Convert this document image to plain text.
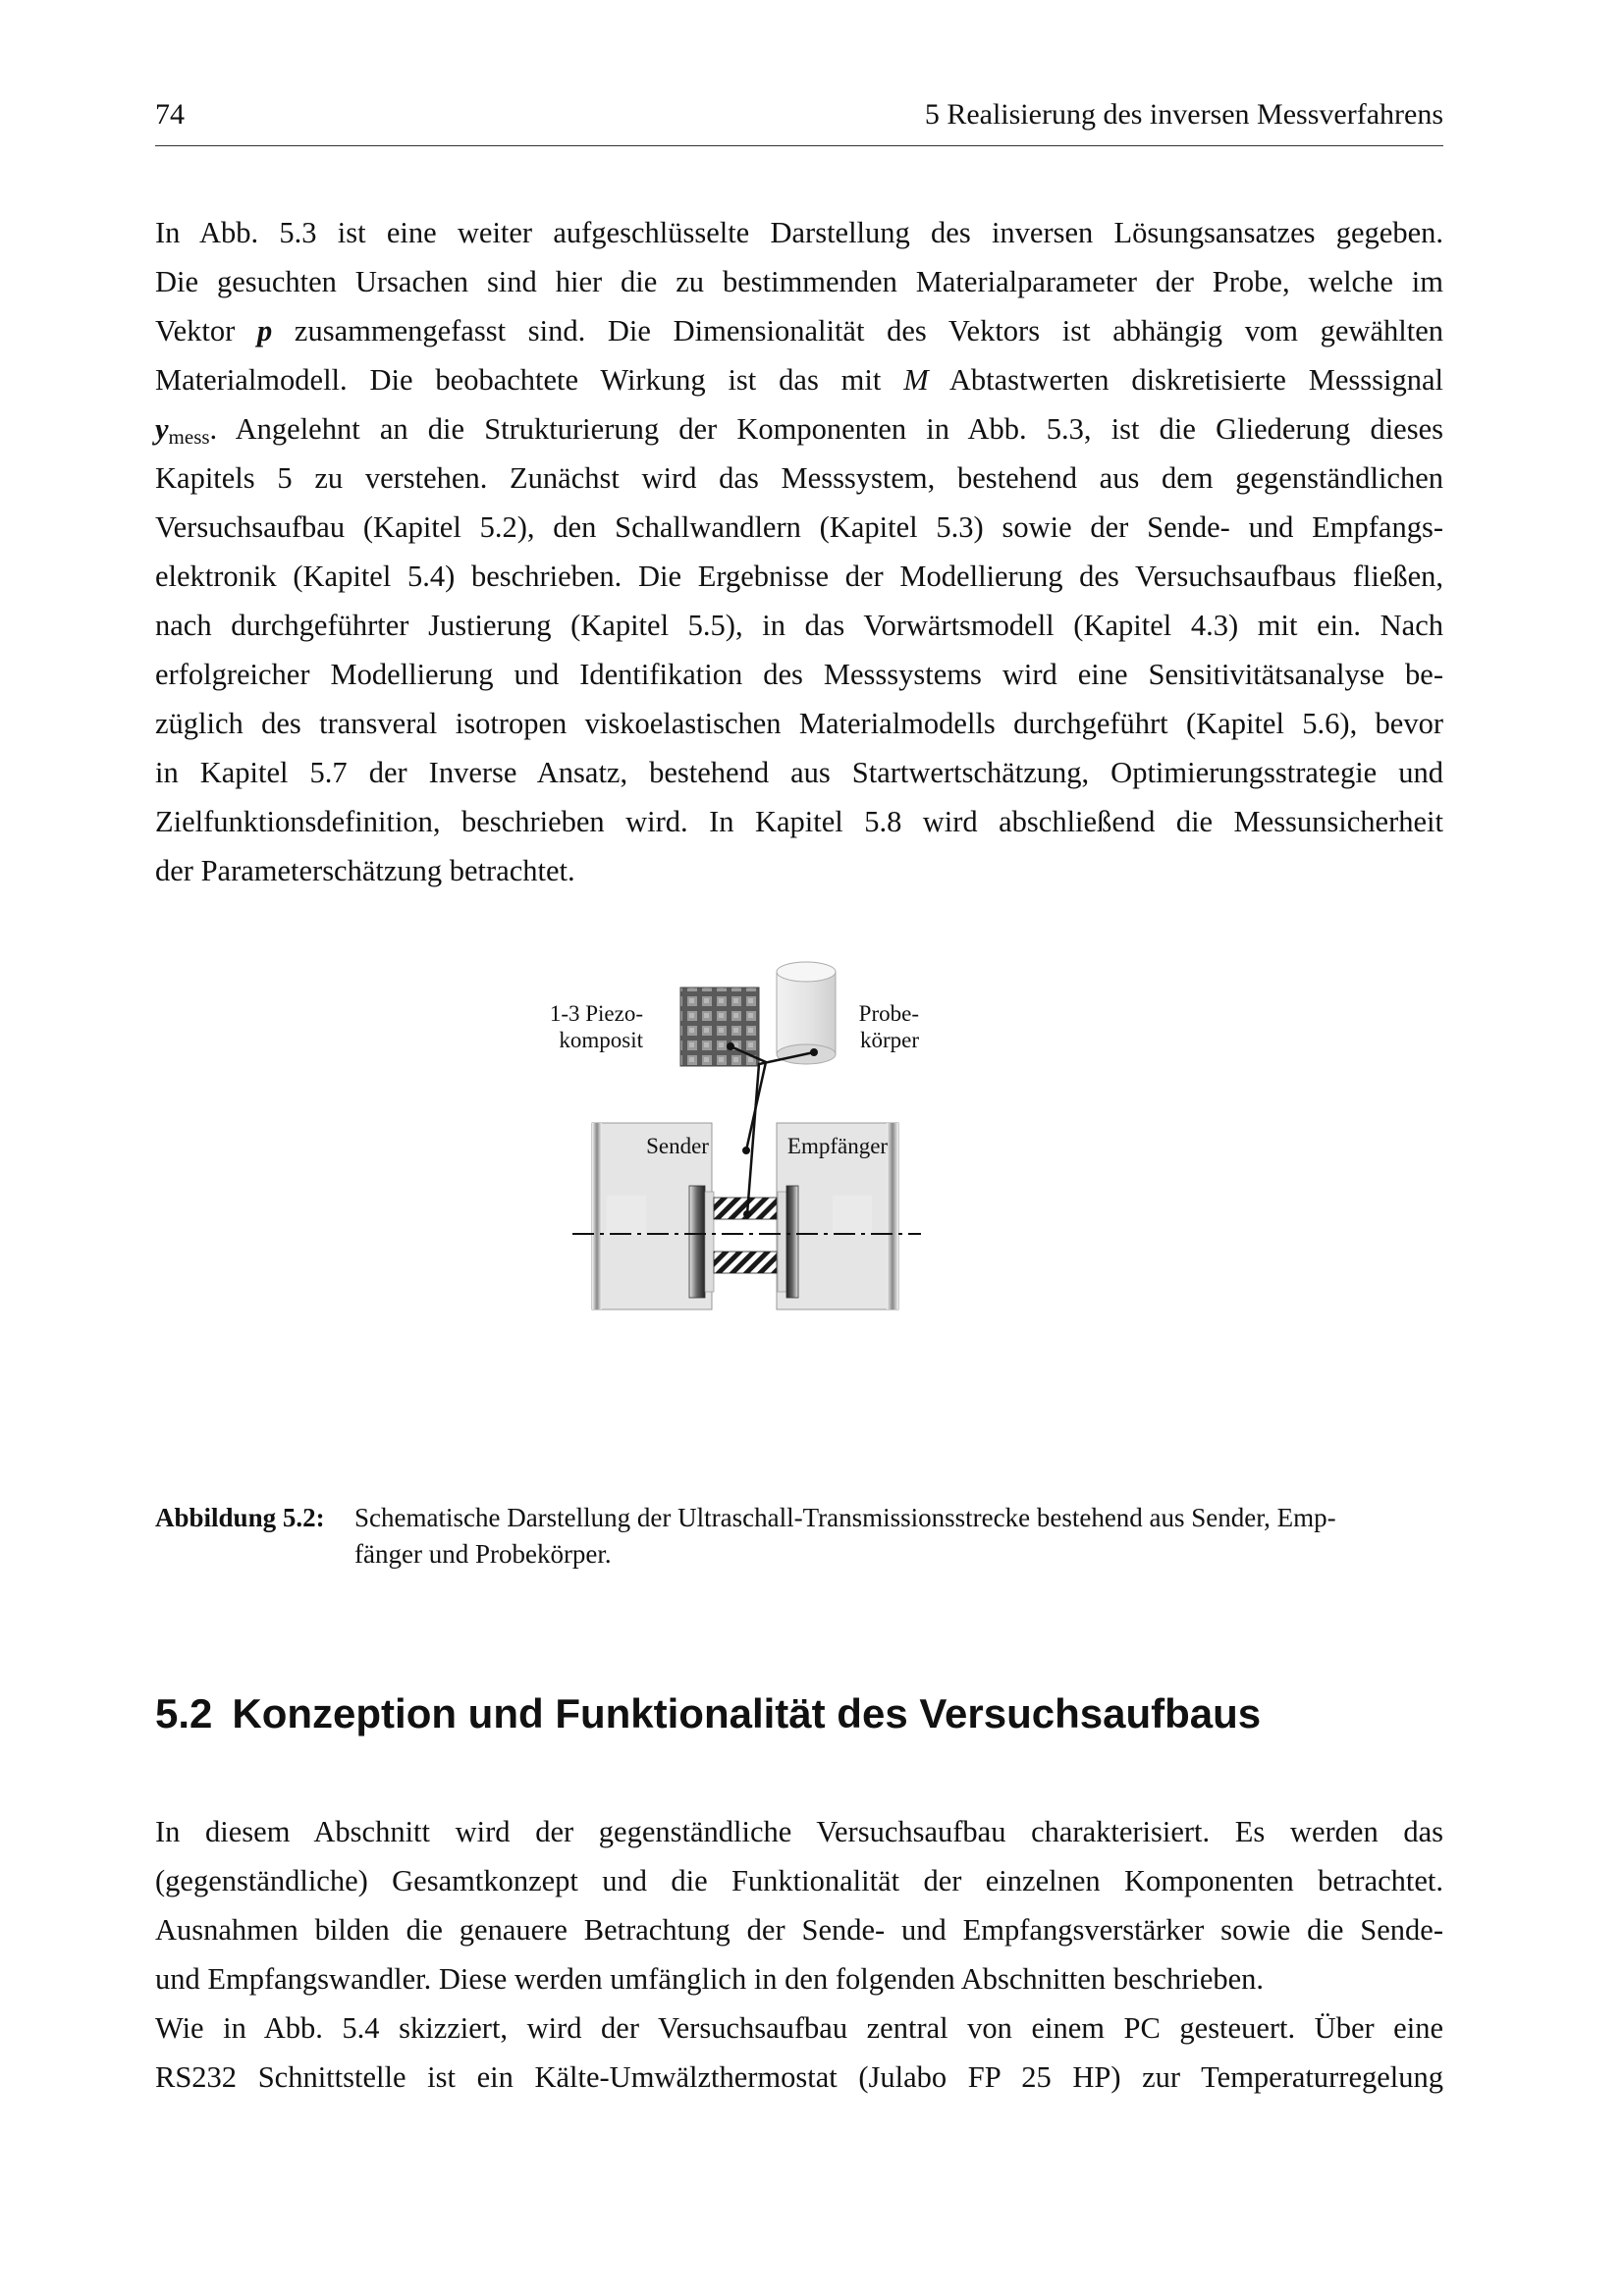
74	5 Realisierung des inversen Messverfahrens
In Abb. 5.3 ist eine weiter aufgeschlüsselte Darstellung des inversen Lösungsansatzes gegeben.
Die gesuchten Ursachen sind hier die zu bestimmenden Materialparameter der Probe, welche im
Vektor p zusammengefasst sind. Die Dimensionalität des Vektors ist abhängig vom gewählten
Materialmodell. Die beobachtete Wirkung ist das mit M Abtastwerten diskretisierte Messsignal
$y_{mess}$. Angelehnt an die Strukturierung der Komponenten in Abb. 5.3, ist die Gliederung dieses
Kapitels 5 zu verstehen. Zunächst wird das Messsystem, bestehend aus dem gegenständlichen
Versuchsaufbau (Kapitel 5.2), den Schallwandlern (Kapitel 5.3) sowie der Sende- und Empfangs-
elektronik (Kapitel 5.4) beschrieben. Die Ergebnisse der Modellierung des Versuchsaufbaus fließen,
nach durchgeführter Justierung (Kapitel 5.5), in das Vorwärtsmodell (Kapitel 4.3) mit ein. Nach
erfolgreicher Modellierung und Identifikation des Messsystems wird eine Sensitivitätsanalyse be-
züglich des transveral isotropen viskoelastischen Materialmodells durchgeführt (Kapitel 5.6), bevor
in Kapitel 5.7 der Inverse Ansatz, bestehend aus Startwertschätzung, Optimierungsstrategie und
Zielfunktionsdefinition, beschrieben wird. In Kapitel 5.8 wird abschließend die Messunsicherheit
der Parameterschätzung betrachtet.
1-3 Piezo-
komposit
Probe-
körper
Sender	Empfänger
Abbildung 5.2: Schematische Darstellung der Ultraschall-Transmissionsstrecke bestehend aus Sender, Emp-
fänger und Probekörper.
5.2 Konzeption und Funktionalität des Versuchsaufbaus
In diesem Abschnitt wird der gegenständliche Versuchsaufbau charakterisiert. Es werden das
(gegenständliche) Gesamtkonzept und die Funktionalität der einzelnen Komponenten betrachtet.
Ausnahmen bilden die genauere Betrachtung der Sende- und Empfangsverstärker sowie die Sende-
und Empfangswandler. Diese werden umfänglich in den folgenden Abschnitten beschrieben.
Wie in Abb. 5.4 skizziert, wird der Versuchsaufbau zentral von einem PC gesteuert. Über eine
RS232 Schnittstelle ist ein Kälte-Umwälzthermostat (Julabo FP 25 HP) zur Temperaturregelung
